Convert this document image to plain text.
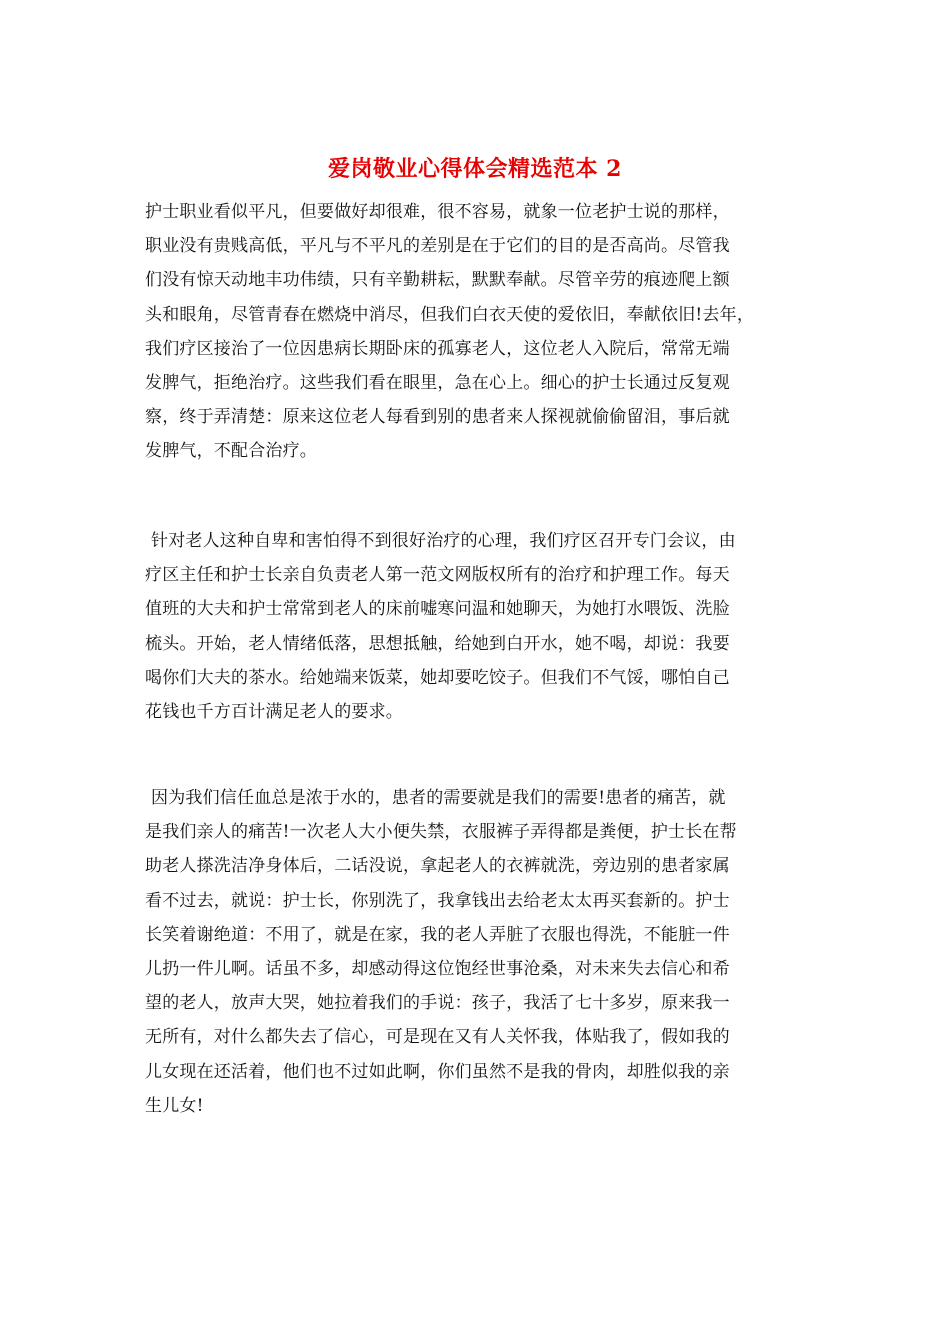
爱岗敬业心得体会精选范本 2
护士职业看似平凡，但要做好却很难，很不容易，就象一位老护士说的那样，
职业没有贵贱高低，平凡与不平凡的差别是在于它们的目的是否高尚。尽管我
们没有惊天动地丰功伟绩，只有辛勤耕耘，默默奉献。尽管辛劳的痕迹爬上额
头和眼角，尽管青春在燃烧中消尽，但我们白衣天使的爱依旧，奉献依旧!去年，
我们疗区接治了一位因患病长期卧床的孤寡老人，这位老人入院后，常常无端
发脾气，拒绝治疗。这些我们看在眼里，急在心上。细心的护士长通过反复观
察，终于弄清楚：原来这位老人每看到别的患者来人探视就偷偷留泪，事后就
发脾气，不配合治疗。
针对老人这种自卑和害怕得不到很好治疗的心理，我们疗区召开专门会议，由
疗区主任和护士长亲自负责老人第一范文网版权所有的治疗和护理工作。每天
值班的大夫和护士常常到老人的床前嘘寒问温和她聊天，为她打水喂饭、洗脸
梳头。开始，老人情绪低落，思想抵触，给她到白开水，她不喝，却说：我要
喝你们大夫的茶水。给她端来饭菜，她却要吃饺子。但我们不气馁，哪怕自己
花钱也千方百计满足老人的要求。
因为我们信任血总是浓于水的，患者的需要就是我们的需要!患者的痛苦，就
是我们亲人的痛苦!一次老人大小便失禁，衣服裤子弄得都是粪便，护士长在帮
助老人搽洗洁净身体后，二话没说，拿起老人的衣裤就洗，旁边别的患者家属
看不过去，就说：护士长，你别洗了，我拿钱出去给老太太再买套新的。护士
长笑着谢绝道：不用了，就是在家，我的老人弄脏了衣服也得洗，不能脏一件
儿扔一件儿啊。话虽不多，却感动得这位饱经世事沧桑，对未来失去信心和希
望的老人，放声大哭，她拉着我们的手说：孩子，我活了七十多岁，原来我一
无所有，对什么都失去了信心，可是现在又有人关怀我，体贴我了，假如我的
儿女现在还活着，他们也不过如此啊，你们虽然不是我的骨肉，却胜似我的亲
生儿女!
